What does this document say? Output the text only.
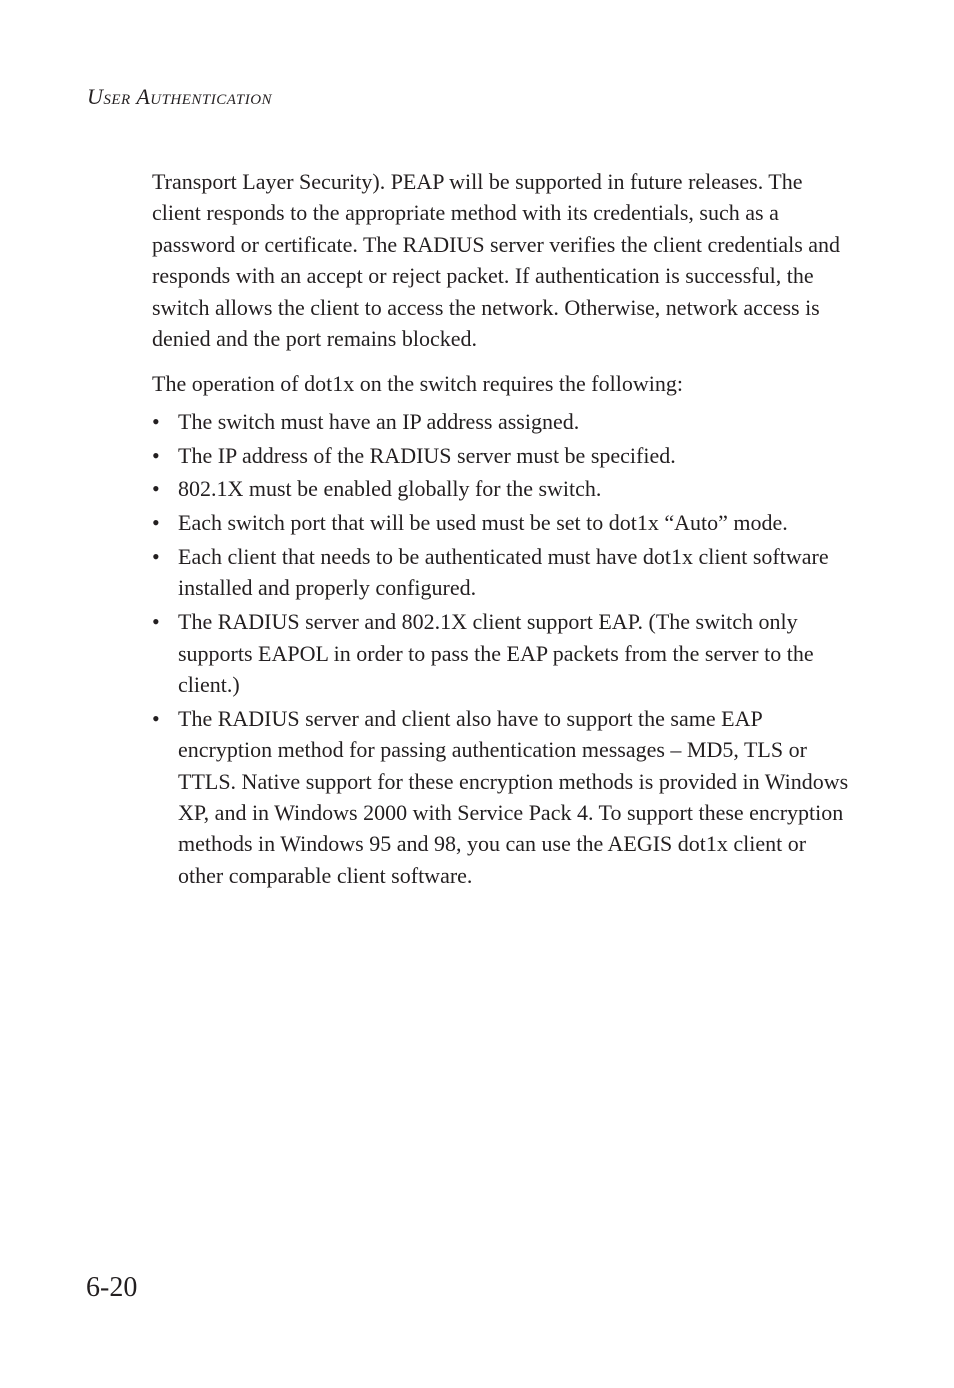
User Authentication

Transport Layer Security). PEAP will be supported in future releases. The client responds to the appropriate method with its credentials, such as a password or certificate. The RADIUS server verifies the client credentials and responds with an accept or reject packet. If authentication is successful, the switch allows the client to access the network. Otherwise, network access is denied and the port remains blocked.

The operation of dot1x on the switch requires the following:

• The switch must have an IP address assigned.
• The IP address of the RADIUS server must be specified.
• 802.1X must be enabled globally for the switch.
• Each switch port that will be used must be set to dot1x “Auto” mode.
• Each client that needs to be authenticated must have dot1x client software installed and properly configured.
• The RADIUS server and 802.1X client support EAP. (The switch only supports EAPOL in order to pass the EAP packets from the server to the client.)
• The RADIUS server and client also have to support the same EAP encryption method for passing authentication messages – MD5, TLS or TTLS. Native support for these encryption methods is provided in Windows XP, and in Windows 2000 with Service Pack 4. To support these encryption methods in Windows 95 and 98, you can use the AEGIS dot1x client or other comparable client software.
6-20
